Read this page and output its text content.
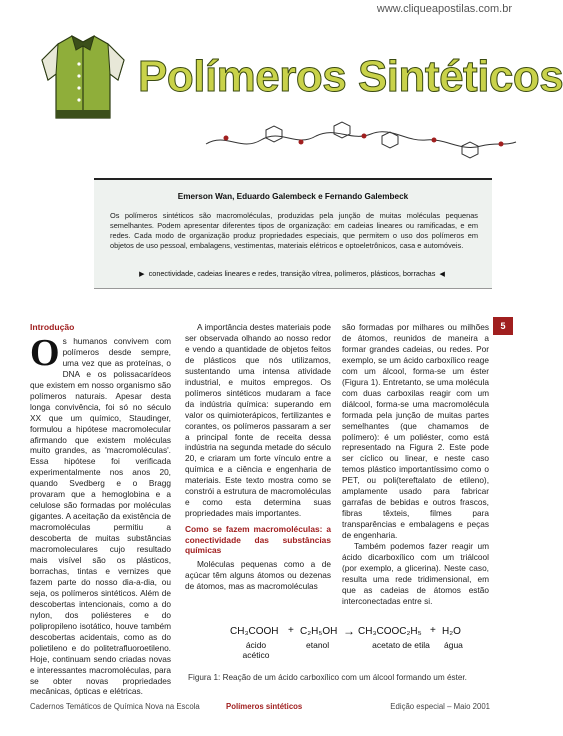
www.cliqueapostilas.com.br
Polímeros Sintéticos
Emerson Wan, Eduardo Galembeck e Fernando Galembeck
Os polímeros sintéticos são macromoléculas, produzidas pela junção de muitas moléculas pequenas semelhantes. Podem apresentar diferentes tipos de organização: em cadeias lineares ou ramificadas, e em redes. Cada modo de organização produz propriedades especiais, que permitem o uso dos polímeros em objetos de uso pessoal, embalagens, vestimentas, materiais elétricos e optoeletrônicos, casa e automóveis.
▶ conectividade, cadeias lineares e redes, transição vítrea, polímeros, plásticos, borrachas ◀
5
Introdução

Os humanos convivem com polímeros desde sempre, uma vez que as proteínas, o DNA e os polissacarídeos que existem em nosso organismo são polímeros naturais. Apesar desta longa convivência, foi só no século XX que um químico, Staudinger, formulou a hipótese macromolecular afirmando que existem moléculas muito grandes, as 'macromoléculas'. Essa hipótese foi verificada experimentalmente nos anos 20, quando Svedberg e o Bragg provaram que a hemoglobina e a celulose são formadas por moléculas gigantes. A aceitação da existência de macromoléculas permitiu a descoberta de muitas substâncias macromoleculares cujo resultado mais visível são os plásticos, borrachas, tintas e vernizes que fazem parte do nosso dia-a-dia, ou seja, os polímeros sintéticos. Além de descobertas intencionais, como a do nylon, dos poliésteres e do polipropileno isotático, houve também descobertas acidentais, como as do polietileno e do politetrafluoroetileno. Hoje, continuam sendo criadas novas e interessantes macromoléculas, para se obter novas propriedades mecânicas, ópticas e elétricas.

A importância destes materiais pode ser observada olhando ao nosso redor e vendo a quantidade de objetos feitos de plásticos que nós utilizamos, sustentando uma intensa atividade industrial, e muitos empregos. Os polímeros sintéticos mudaram a face da indústria química: superando em valor os quimioterápicos, fertilizantes e corantes, os polímeros passaram a ser a principal fonte de receita dessa indústria na segunda metade do século 20, e criaram um forte vínculo entre a química e a ciência e engenharia de materiais. Este texto mostra como se constrói a estrutura de macromoléculas e como esta determina suas propriedades mais importantes.

Como se fazem macromoléculas: a conectividade das substâncias químicas

Moléculas pequenas como a de açúcar têm alguns átomos ou dezenas de átomos, mas as macromoléculas

são formadas por milhares ou milhões de átomos, reunidos de maneira a formar grandes cadeias, ou redes. Por exemplo, se um ácido carboxílico reage com um álcool, forma-se um éster (Figura 1). Entretanto, se uma molécula com duas carboxilas reagir com um diálcool, forma-se uma macromolécula formada pela junção de muitas partes semelhantes (que chamamos de polímero): é um poliéster, como está representado na Figura 2. Este pode ser cíclico ou linear, e neste caso temos plástico importantíssimo como o PET, ou poli(tereftalato de etileno), amplamente usado para fabricar garrafas de bebidas e outros frascos, fibras têxteis, filmes para transparências e embalagens e peças de engenharia.

Também podemos fazer reagir um ácido dicarboxílico com um triálcool (por exemplo, a glicerina). Neste caso, resulta uma rede tridimensional, em que as cadeias de átomos estão interconectadas entre si.

CH₃COOH + C₂H₅OH → CH₃COOC₂H₅ + H₂O
ácido acético
etanol	acetato de etila água
Figura 1: Reação de um ácido carboxílico com um álcool formando um éster.
Cadernos Temáticos de Química Nova na Escola	Polímeros sintéticos	Edição especial – Maio 2001
